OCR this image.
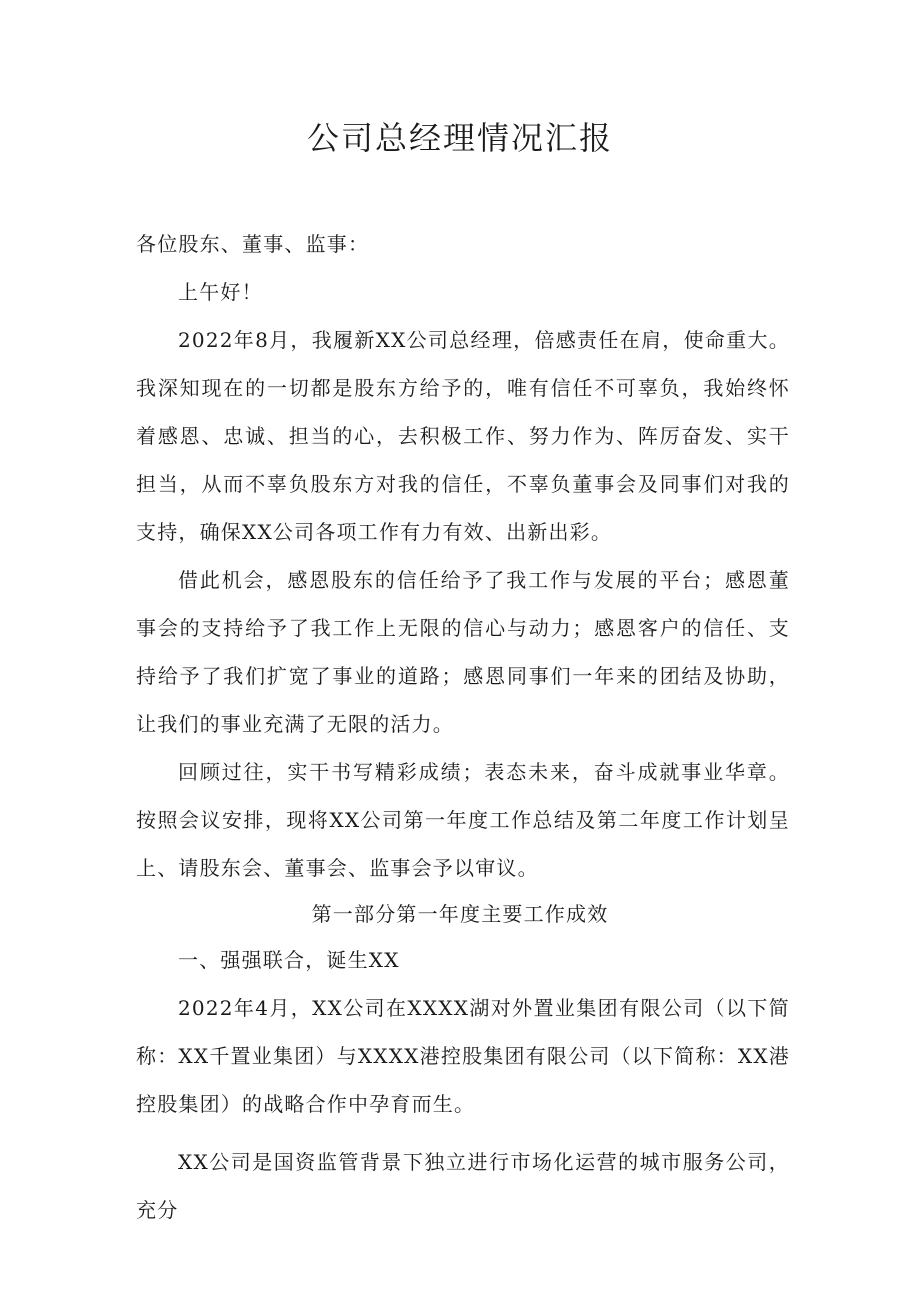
公司总经理情况汇报

各位股东、董事、监事：

上午好！

2022年8月，我履新XX公司总经理，倍感责任在肩，使命重大。我深知现在的一切都是股东方给予的，唯有信任不可辜负，我始终怀着感恩、忠诚、担当的心，去积极工作、努力作为、阵厉奋发、实干担当，从而不辜负股东方对我的信任，不辜负董事会及同事们对我的支持，确保XX公司各项工作有力有效、出新出彩。

借此机会，感恩股东的信任给予了我工作与发展的平台；感恩董事会的支持给予了我工作上无限的信心与动力；感恩客户的信任、支持给予了我们扩宽了事业的道路；感恩同事们一年来的团结及协助，让我们的事业充满了无限的活力。

回顾过往，实干书写精彩成绩；表态未来，奋斗成就事业华章。按照会议安排，现将XX公司第一年度工作总结及第二年度工作计划呈上、请股东会、董事会、监事会予以审议。

第一部分第一年度主要工作成效

一、强强联合，诞生XX

2022年4月，XX公司在XXXX湖对外置业集团有限公司（以下简称：XX千置业集团）与XXXX港控股集团有限公司（以下简称：XX港控股集团）的战略合作中孕育而生。

XX公司是国资监管背景下独立进行市场化运营的城市服务公司，充分
